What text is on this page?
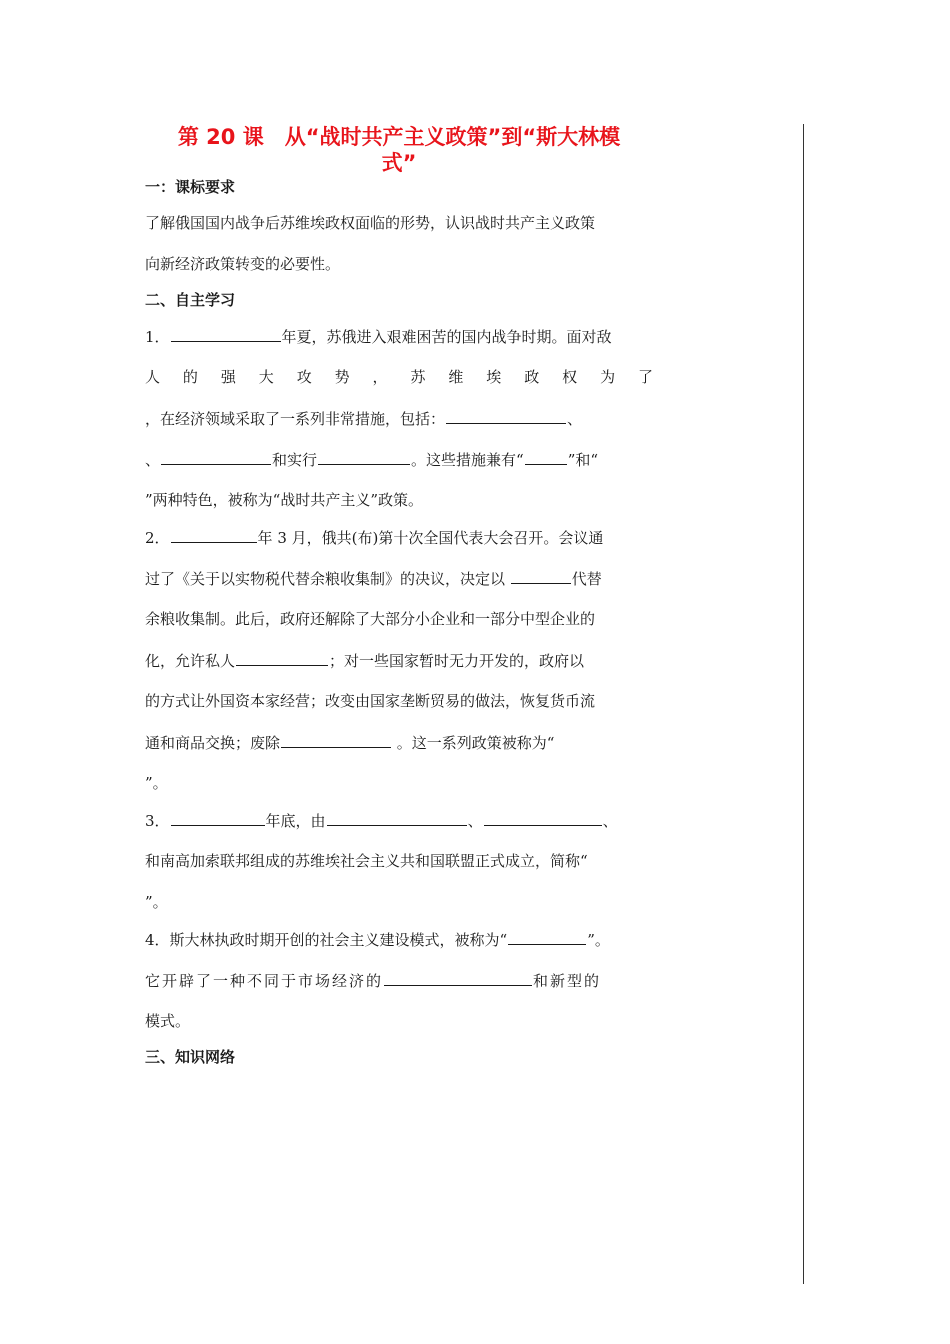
第 20 课　从“战时共产主义政策”到“斯大林模
式”
一：课标要求
了解俄国国内战争后苏维埃政权面临的形势，认识战时共产主义政策
向新经济政策转变的必要性。
二、自主学习
1．	年夏，苏俄进入艰难困苦的国内战争时期。面对敌
人 的 强 大 攻 势 ， 苏 维 埃 政 权 为 了
，在经济领域采取了一系列非常措施，包括：	、
、	和实行	。这些措施兼有“	”和“
”两种特色，被称为“战时共产主义”政策。
2．	年 3 月，俄共(布)第十次全国代表大会召开。会议通
过了《关于以实物税代替余粮收集制》的决议，决定以	代替
余粮收集制。此后，政府还解除了大部分小企业和一部分中型企业的
化，允许私人	；对一些国家暂时无力开发的，政府以
的方式让外国资本家经营；改变由国家垄断贸易的做法，恢复货币流
通和商品交换；废除	。这一系列政策被称为“
”。
3．	年底，由	、	、
和南高加索联邦组成的苏维埃社会主义共和国联盟正式成立，简称“
”。
4．斯大林执政时期开创的社会主义建设模式，被称为“	”。
它开辟了一种不同于市场经济的	和新型的
模式。
三、知识网络
